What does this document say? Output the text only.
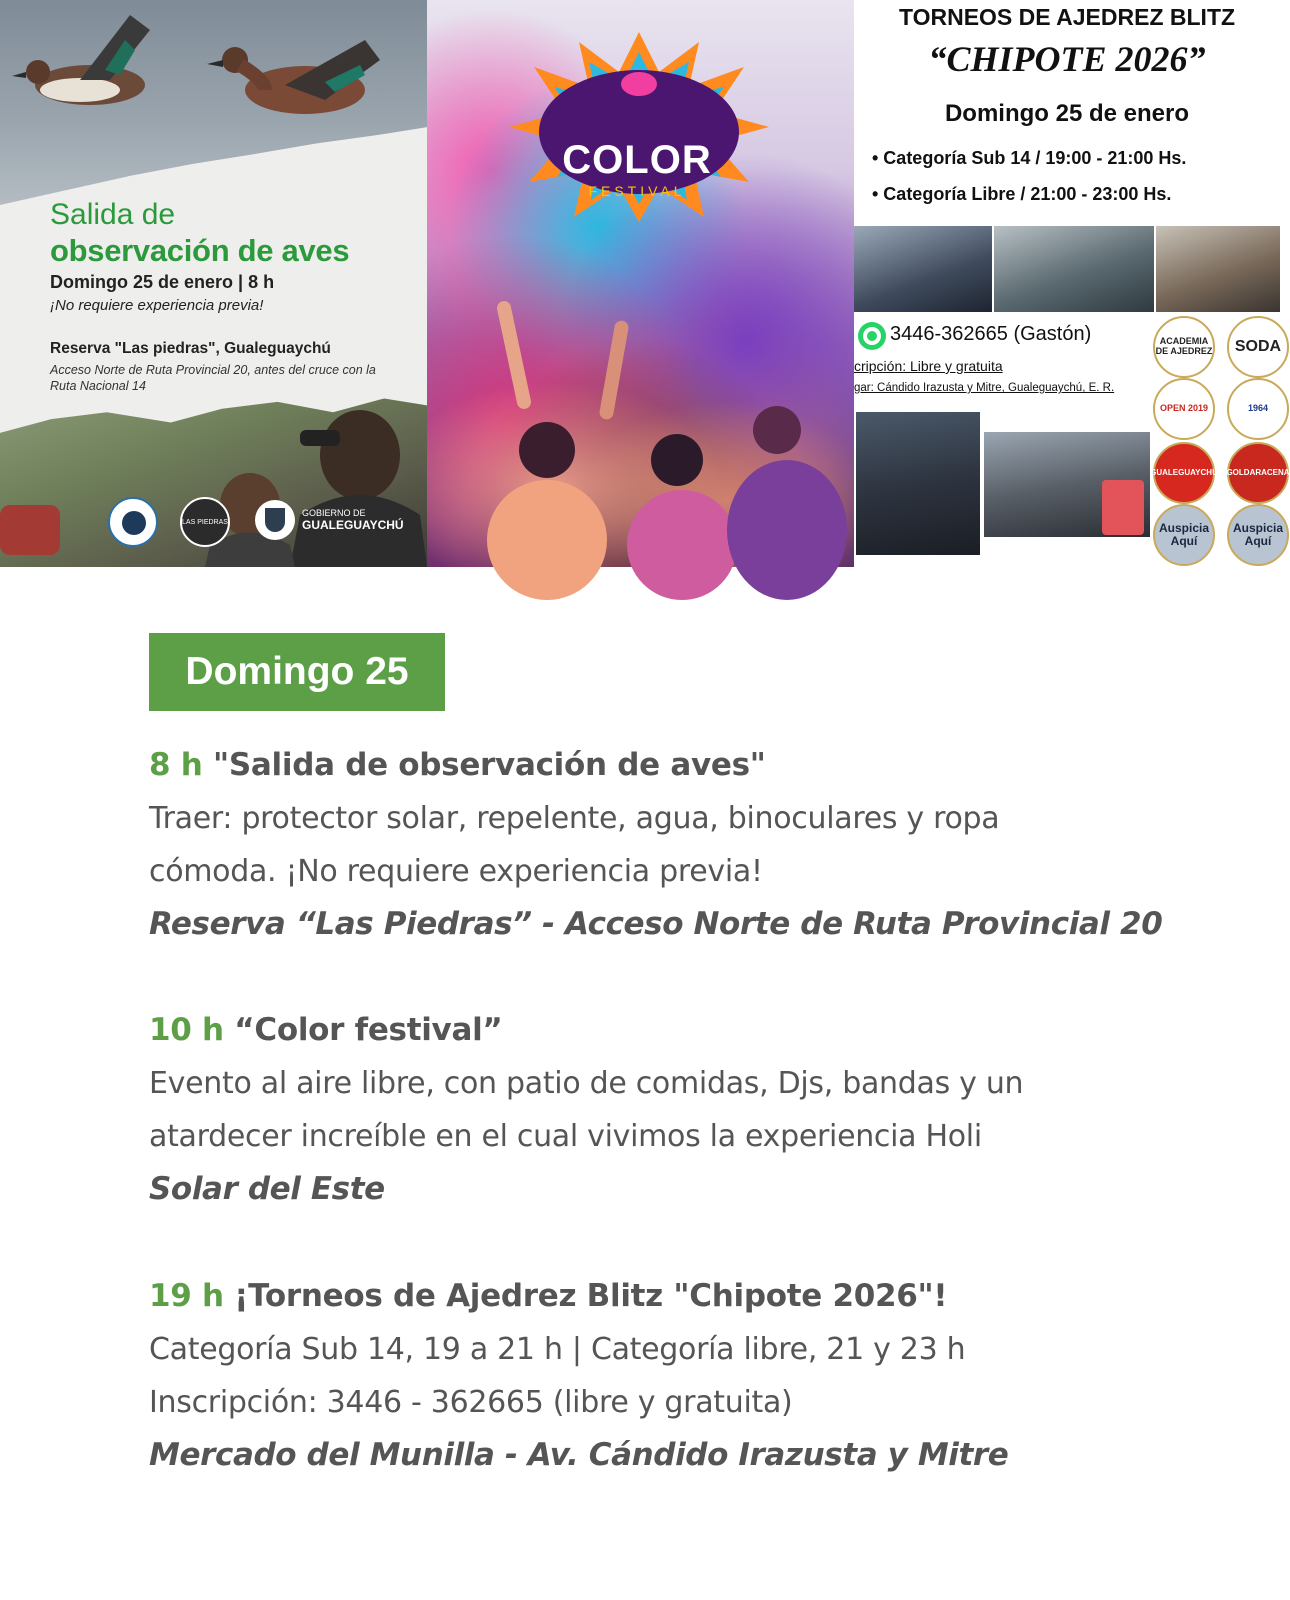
Salida de
observación de aves
Domingo 25 de enero | 8 h
¡No requiere experiencia previa!
Reserva "Las piedras", Gualeguaychú
Acceso Norte de Ruta Provincial 20, antes del cruce con la Ruta Nacional 14
LAS PIEDRAS
GOBIERNO DE
GUALEGUAYCHÚ
COLOR
FESTIVAL
TORNEOS DE AJEDREZ BLITZ
“CHIPOTE 2026”
Domingo 25 de enero
• Categoría Sub 14 / 19:00 - 21:00 Hs.
• Categoría Libre / 21:00 - 23:00 Hs.
3446-362665 (Gastón)
cripción: Libre y gratuita
gar: Cándido Irazusta y Mitre, Gualeguaychú, E. R.
ACADEMIA DE AJEDREZ SODA
OPEN 2019	1964
GUALEGUAYCHÚ GOLDARACENA
Auspicia Aquí
Auspicia Aquí
Domingo 25
8 h "Salida de observación de aves"
Traer: protector solar, repelente, agua, binoculares y ropa
cómoda. ¡No requiere experiencia previa!
Reserva “Las Piedras” - Acceso Norte de Ruta Provincial 20
10 h “Color festival”
Evento al aire libre, con patio de comidas, Djs, bandas y un
atardecer increíble en el cual vivimos la experiencia Holi
Solar del Este
19 h ¡Torneos de Ajedrez Blitz "Chipote 2026"!
Categoría Sub 14, 19 a 21 h | Categoría libre, 21 y 23 h
Inscripción: 3446 - 362665 (libre y gratuita)
Mercado del Munilla - Av. Cándido Irazusta y Mitre
